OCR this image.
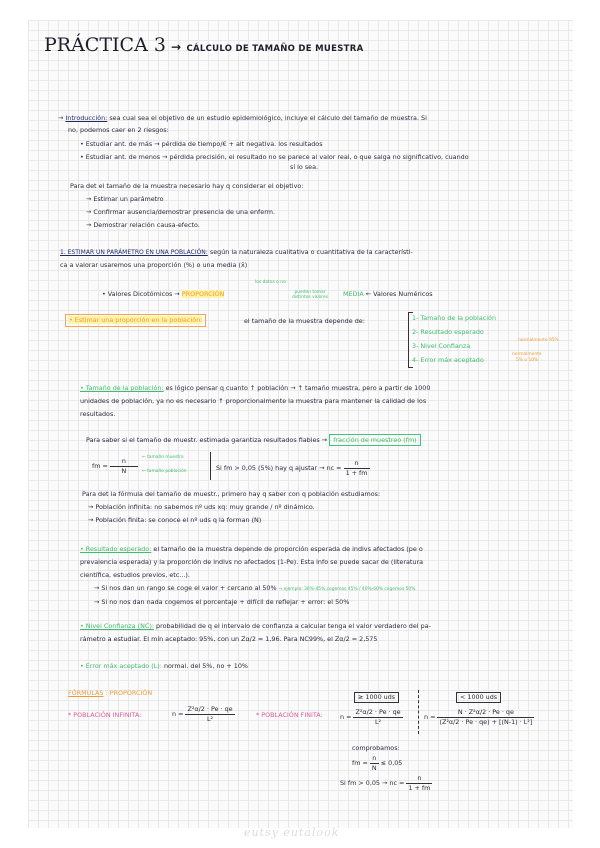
PRÁCTICA 3 → CÁLCULO DE TAMAÑO DE MUESTRA
→ Introducción: sea cual sea el objetivo de un estudio epidemiológico, incluye el cálculo del tamaño de muestra. Si
no, podemos caer en 2 riesgos:
• Estudiar ant. de más → pérdida de tiempo/€ + alt negativa. los resultados
• Estudiar ant. de menos → pérdida precisión, el resultado no se parece al valor real, o que salga no significativo, cuando
sí lo sea.
Para det el tamaño de la muestra necesario hay q considerar el objetivo:
→ Estimar un parámetro
→ Confirmar ausencia/demostrar presencia de una enferm.
→ Demostrar relación causa-efecto.
1. ESTIMAR UN PARÁMETRO EN UNA POBLACIÓN: según la naturaleza cualitativa o cuantitativa de la característi-
ca a valorar usaremos una proporción (%) o una media (x̄)
los datos o no
pueden tomar distintos valores
• Valores Dicotómicos → PROPORCIÓN	MEDIA ← Valores Numéricos
• Estimar una proporción en la población:	el tamaño de la muestra depende de:	1- Tamaño de la población
2- Resultado esperado
3- Nivel Confianza
normalmente 95%
4- Error máx aceptado
normalmente
5% o 10%
• Tamaño de la población: es lógico pensar q cuanto ↑ población → ↑ tamaño muestra, pero a partir de 1000
unidades de población, ya no es necesario ↑ proporcionalmente la muestra para mantener la calidad de los
resultados.
Para saber si el tamaño de muestr. estimada garantiza resultados fiables → fracción de muestreo (fm)
fm = $\frac{n}{N}$ ← tamaño muestra
← tamaño población	Si fm > 0,05 (5%) hay q ajustar → nc = $\frac{n}{1 + fm}$
Para det la fórmula del tamaño de muestr., primero hay q saber con q población estudiamos:
→ Población infinita: no sabemos nº uds xq: muy grande / nº dinámico.
→ Población finita: se conoce el nº uds q la forman (N)
• Resultado esperado: el tamaño de la muestra depende de proporción esperada de indivs afectados (pe o
prevalencia esperada) y la proporción de indivs no afectados (1-Pe). Esta info se puede sacar de (literatura
científica, estudios previos, etc...).
→ Si nos dan un rango se coge el valor + cercano al 50% → ejemplo: 30%-45% cogemos 45% / 40%-60% cogemos 50%
→ Si no nos dan nada cogemos el porcentaje + difícil de reflejar + error: el 50%
• Nivel Confianza (NC): probabilidad de q el intervalo de confianza a calcular tenga el valor verdadero del pa-
rámetro a estudiar. El mín aceptado: 95%, con un Zα/2 = 1,96. Para NC99%, el Zα/2 = 2,575
• Error máx aceptado (L): normal. del 5%, no + 10%
FÓRMULAS : PROPORCIÓN
* POBLACIÓN INFINITA:	$n = \frac{\text{Z²α/2 · Pe · qe}}{\text{L²}}$	* POBLACIÓN FINITA:
≥ 1000 uds
$n = \frac{\text{Z²α/2 · Pe · qe}}{\text{L²}}$
< 1000 uds
$n = \frac{\text{N · Z²α/2 · Pe · qe}}{\text{(Z²α/2 · Pe · qe) + [(N-1) · L²]}}$
comprobamos:
fm = $\frac{n}{N} \le 0,05$
Si fm > 0,05 → nc = $\frac{n}{1 + fm}$
eutsy eutalook
